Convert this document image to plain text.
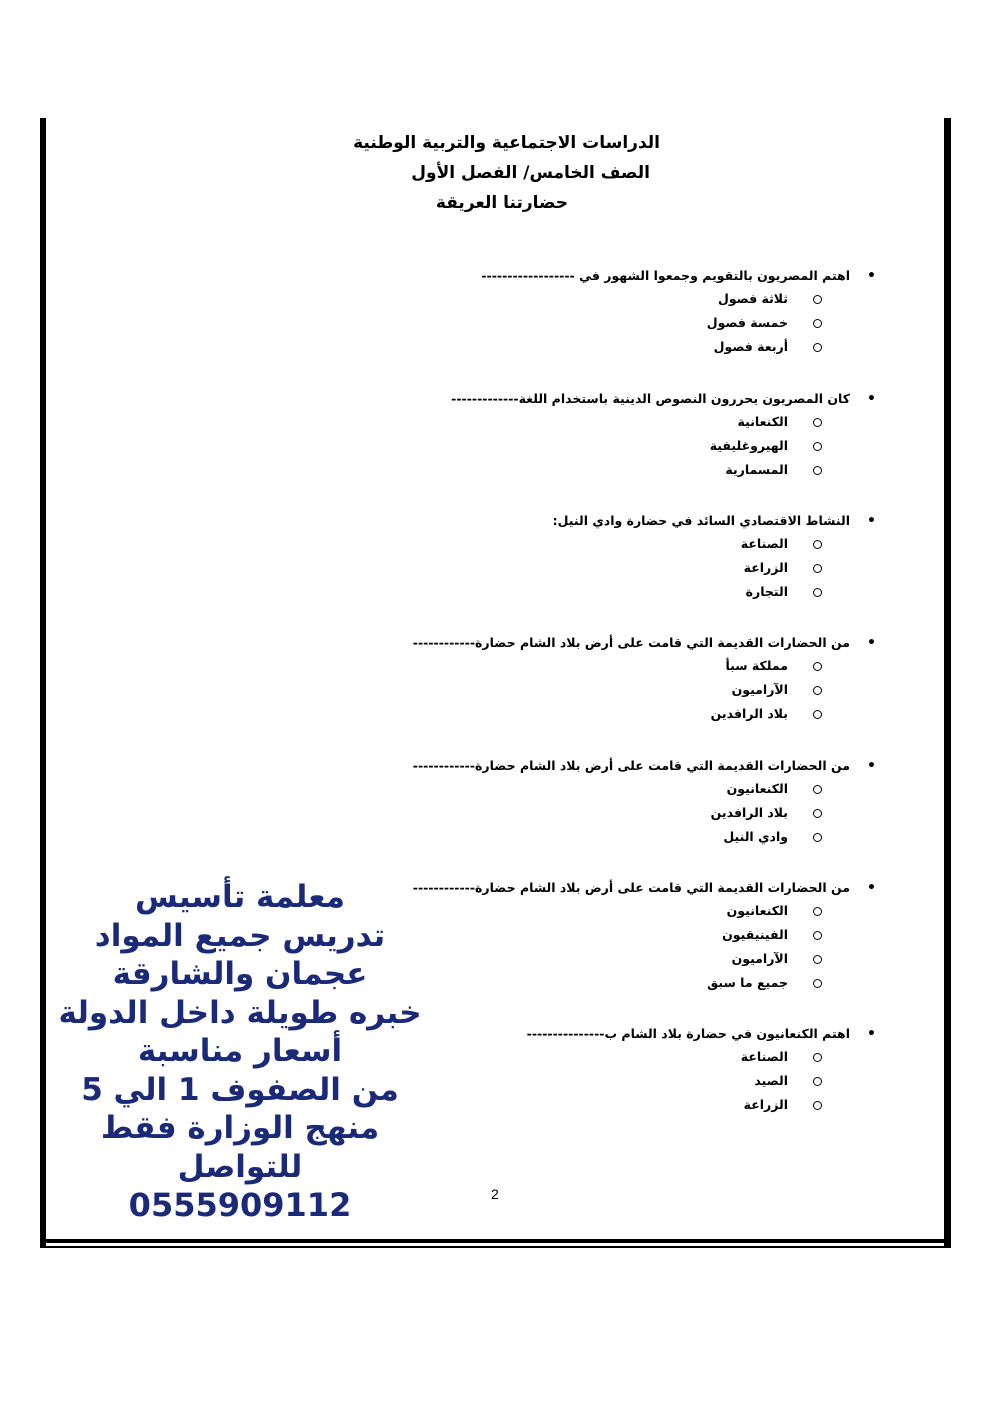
الدراسات الاجتماعية والتربية الوطنية
الصف الخامس/ الفصل الأول
حضارتنا العريقة
•
اهتم المصريون بالتقويم وجمعوا الشهور في ------------------
ثلاثة فصول
خمسة فصول
أربعة فصول
•
كان المصريون يحررون النصوص الدينية باستخدام اللغة-------------
الكنعانية
الهيروغليفية
المسمارية
•
النشاط الاقتصادي السائد في حضارة وادي النيل:
الصناعة
الزراعة
التجارة
•
من الحضارات القديمة التي قامت على أرض بلاد الشام حضارة------------
مملكة سبأ
الآراميون
بلاد الرافدين
•
من الحضارات القديمة التي قامت على أرض بلاد الشام حضارة------------
الكنعانيون
بلاد الرافدين
وادي النيل
•
من الحضارات القديمة التي قامت على أرض بلاد الشام حضارة------------
الكنعانيون
الفينيقيون
الآراميون
جميع ما سبق
•
اهتم الكنعانيون في حضارة بلاد الشام ب---------------
الصناعة
الصيد
الزراعة
معلمة تأسيس
تدريس جميع المواد
عجمان والشارقة
خبره طويلة داخل الدولة
أسعار مناسبة
من الصفوف 1 الي 5
منهج الوزارة فقط
للتواصل
0555909112	2
